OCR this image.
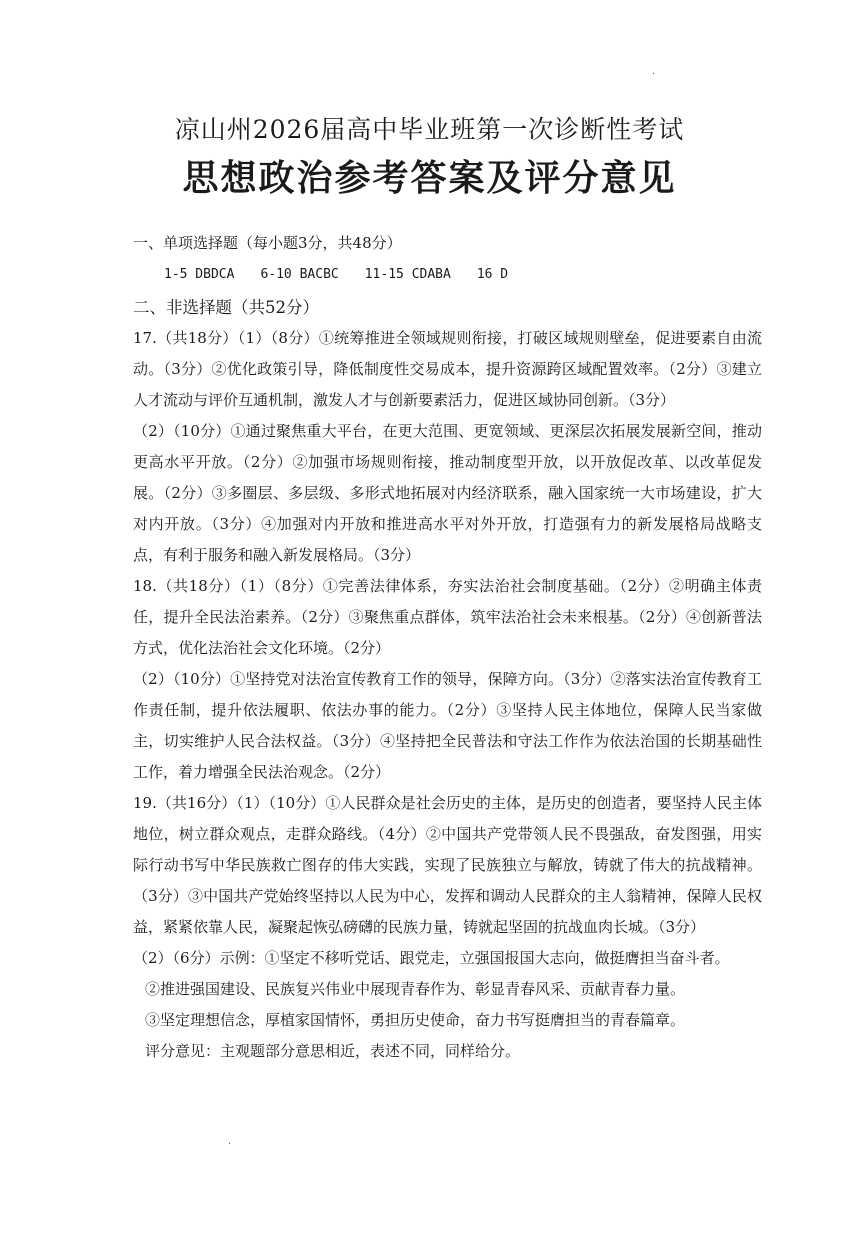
·
凉山州2026届高中毕业班第一次诊断性考试
思想政治参考答案及评分意见

一、单项选择题（每小题3分，共48分）

1-5 DBDCA 6-10 BACBC 11-15 CDABA 16 D

二、非选择题（共52分）

17.（共18分）（1）（8分）①统筹推进全领域规则衔接，打破区域规则壁垒，促进要素自由流动。（3分）②优化政策引导，降低制度性交易成本，提升资源跨区域配置效率。（2分）③建立人才流动与评价互通机制，激发人才与创新要素活力，促进区域协同创新。（3分）

（2）（10分）①通过聚焦重大平台，在更大范围、更宽领域、更深层次拓展发展新空间，推动更高水平开放。（2分）②加强市场规则衔接，推动制度型开放，以开放促改革、以改革促发展。（2分）③多圈层、多层级、多形式地拓展对内经济联系，融入国家统一大市场建设，扩大对内开放。（3分）④加强对内开放和推进高水平对外开放，打造强有力的新发展格局战略支点，有利于服务和融入新发展格局。（3分）

18.（共18分）（1）（8分）①完善法律体系，夯实法治社会制度基础。（2分）②明确主体责任，提升全民法治素养。（2分）③聚焦重点群体，筑牢法治社会未来根基。（2分）④创新普法方式，优化法治社会文化环境。（2分）

（2）（10分）①坚持党对法治宣传教育工作的领导，保障方向。（3分）②落实法治宣传教育工作责任制，提升依法履职、依法办事的能力。（2分）③坚持人民主体地位，保障人民当家做主，切实维护人民合法权益。（3分）④坚持把全民普法和守法工作作为依法治国的长期基础性工作，着力增强全民法治观念。（2分）

19.（共16分）（1）（10分）①人民群众是社会历史的主体，是历史的创造者，要坚持人民主体地位，树立群众观点，走群众路线。（4分）②中国共产党带领人民不畏强敌，奋发图强，用实际行动书写中华民族救亡图存的伟大实践，实现了民族独立与解放，铸就了伟大的抗战精神。（3分）③中国共产党始终坚持以人民为中心，发挥和调动人民群众的主人翁精神，保障人民权益，紧紧依靠人民，凝聚起恢弘磅礴的民族力量，铸就起坚固的抗战血肉长城。（3分）

（2）（6分）示例：①坚定不移听党话、跟党走，立强国报国大志向，做挺膺担当奋斗者。

②推进强国建设、民族复兴伟业中展现青春作为、彰显青春风采、贡献青春力量。

③坚定理想信念，厚植家国情怀，勇担历史使命，奋力书写挺膺担当的青春篇章。

评分意见：主观题部分意思相近，表述不同，同样给分。

·
